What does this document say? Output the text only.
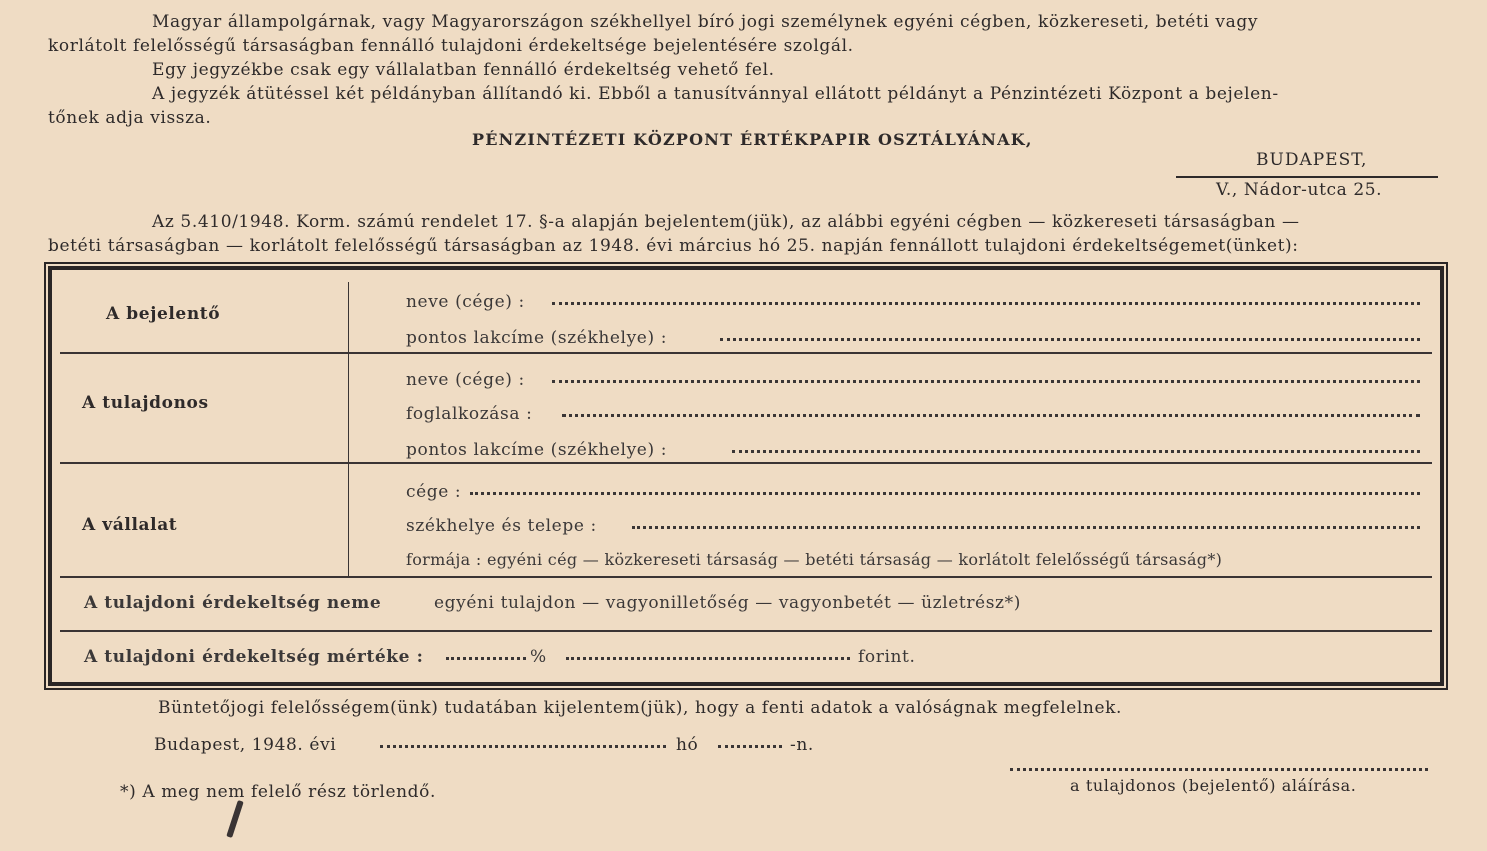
Magyar állampolgárnak, vagy Magyarországon székhellyel bíró jogi személynek egyéni cégben, közkereseti, betéti vagy
korlátolt felelősségű társaságban fennálló tulajdoni érdekeltsége bejelentésére szolgál.
Egy jegyzékbe csak egy vállalatban fennálló érdekeltség vehető fel.
A jegyzék átütéssel két példányban állítandó ki. Ebből a tanusítvánnyal ellátott példányt a Pénzintézeti Központ a bejelen-
tőnek adja vissza.
PÉNZINTÉZETI KÖZPONT ÉRTÉKPAPIR OSZTÁLYÁNAK,
BUDAPEST,
V., Nádor-utca 25.
Az 5.410/1948. Korm. számú rendelet 17. §-a alapján bejelentem(jük), az alábbi egyéni cégben — közkereseti társaságban —
betéti társaságban — korlátolt felelősségű társaságban az 1948. évi március hó 25. napján fennállott tulajdoni érdekeltségemet(ünket):
A bejelentő
neve (cége) :
pontos lakcíme (székhelye) :
A tulajdonos
neve (cége) :
foglalkozása :
pontos lakcíme (székhelye) :
A vállalat
cége :
székhelye és telepe :
formája : egyéni cég — közkereseti társaság — betéti társaság — korlátolt felelősségű társaság*)
A tulajdoni érdekeltség neme	egyéni tulajdon — vagyonilletőség — vagyonbetét — üzletrész*)
A tulajdoni érdekeltség mértéke :	%	forint.
Büntetőjogi felelősségem(ünk) tudatában kijelentem(jük), hogy a fenti adatok a valóságnak megfelelnek.
Budapest, 1948. évi	hó	-n.
a tulajdonos (bejelentő) aláírása.
*) A meg nem felelő rész törlendő.
